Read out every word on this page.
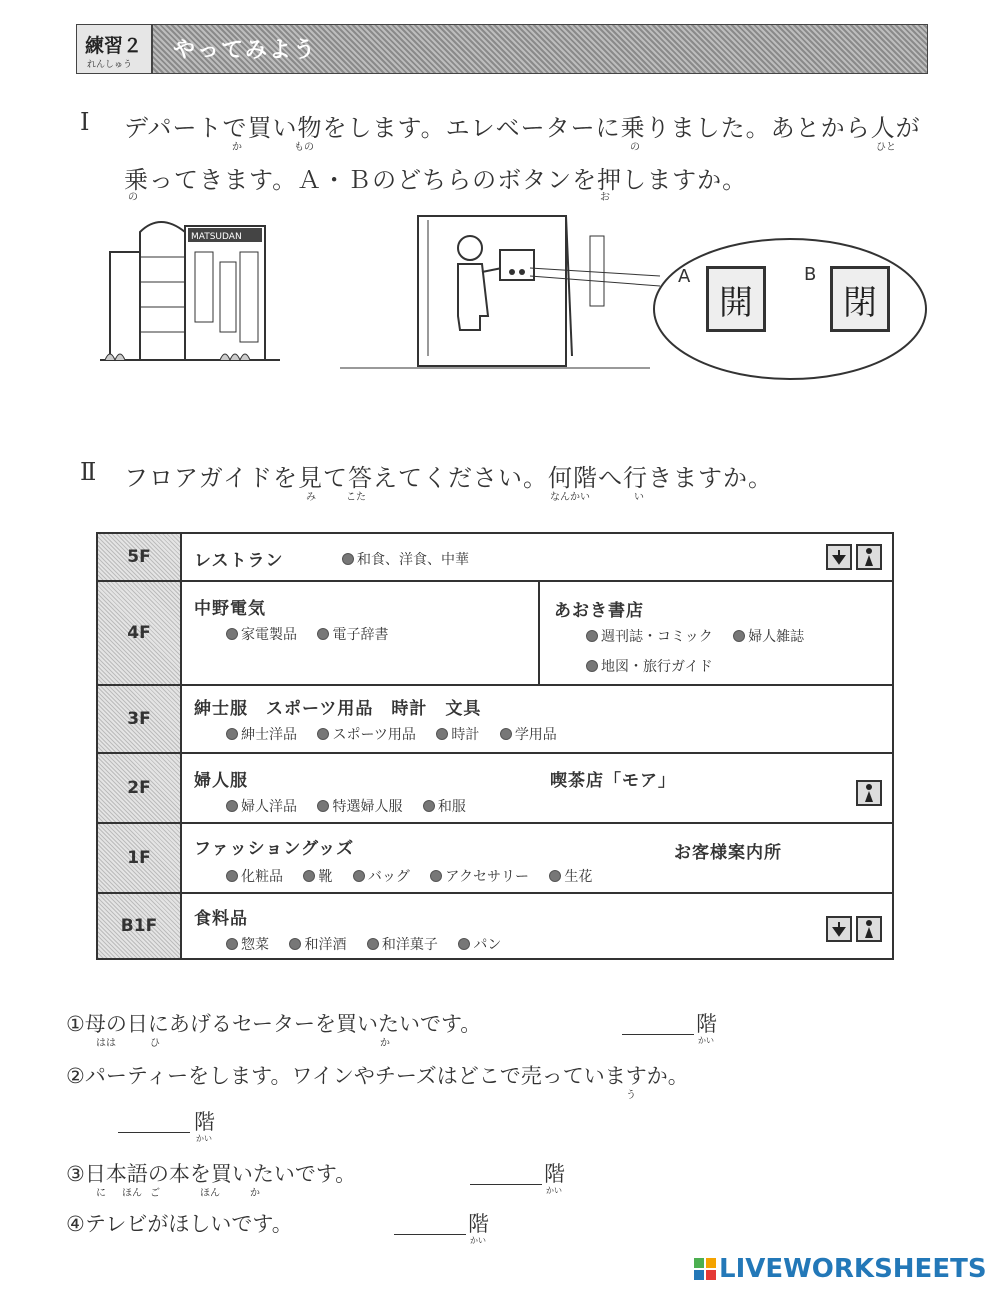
練習２
れんしゅう
やってみよう
Ⅰ デパートで買い物をします。エレベーターに乗りました。あとから人が
か	もの	の	ひと
乗ってきます。Ａ・Ｂのどちらのボタンを押しますか。
の	お
MATSUDAN
A
開
B
閉
Ⅱ フロアガイドを見て答えてください。何階へ行きますか。
み	こた	なんかい	い
5F	レストラン	和食、洋食、中華
4F
中野電気
家電製品	電子辞書
あおき書店
週刊誌・コミック	婦人雑誌
地図・旅行ガイド
3F	紳士服　スポーツ用品　時計　文具
紳士洋品	スポーツ用品	時計	学用品
2F	婦人服
婦人洋品	特選婦人服	和服
喫茶店「モア」
1F	ファッショングッズ
化粧品	靴	バッグ	アクセサリー	生花
お客様案内所
B1F	食料品
惣菜	和洋酒	和洋菓子	パン
①母の日にあげるセーターを買いたいです。
はは	ひ	か
階
かい
②パーティーをします。ワインやチーズはどこで売っていますか。
う
階
かい
③日本語の本を買いたいです。
に ほん ご	ほん	か
階
かい
④テレビがほしいです。	階
かい
LIVEWORKSHEETS
